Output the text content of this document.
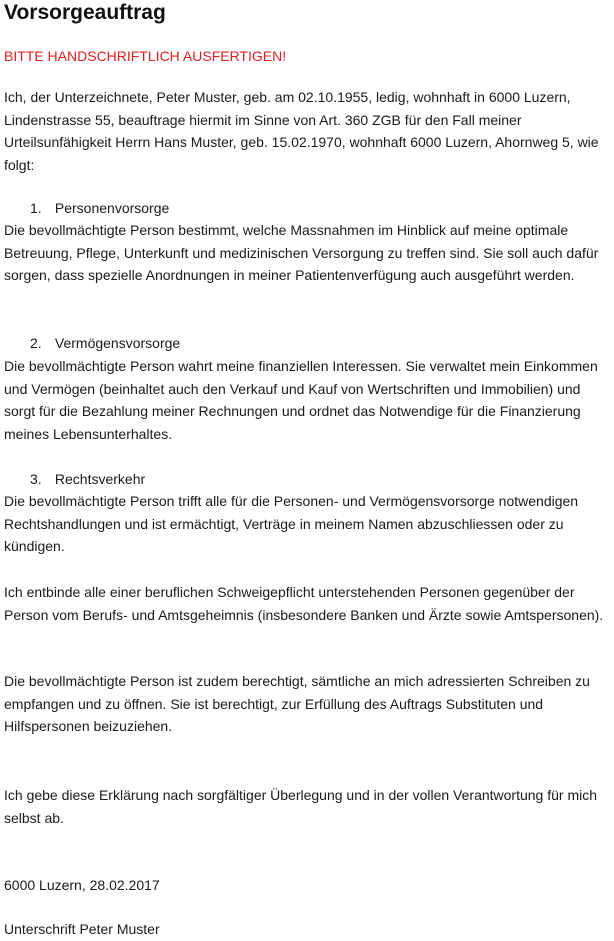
Vorsorgeauftrag
BITTE HANDSCHRIFTLICH AUSFERTIGEN!

Ich, der Unterzeichnete, Peter Muster, geb. am 02.10.1955, ledig, wohnhaft in 6000 Luzern, Lindenstrasse 55, beauftrage hiermit im Sinne von Art. 360 ZGB für den Fall meiner Urteilsunfähigkeit Herrn Hans Muster, geb. 15.02.1970, wohnhaft 6000 Luzern, Ahornweg 5, wie folgt:

1. Personenvorsorge

Die bevollmächtigte Person bestimmt, welche Massnahmen im Hinblick auf meine optimale Betreuung, Pflege, Unterkunft und medizinischen Versorgung zu treffen sind. Sie soll auch dafür sorgen, dass spezielle Anordnungen in meiner Patientenverfügung auch ausgeführt werden.

2. Vermögensvorsorge

Die bevollmächtigte Person wahrt meine finanziellen Interessen. Sie verwaltet mein Einkommen und Vermögen (beinhaltet auch den Verkauf und Kauf von Wertschriften und Immobilien) und sorgt für die Bezahlung meiner Rechnungen und ordnet das Notwendige für die Finanzierung meines Lebensunterhaltes.

3. Rechtsverkehr

Die bevollmächtigte Person trifft alle für die Personen- und Vermögensvorsorge notwendigen Rechtshandlungen und ist ermächtigt, Verträge in meinem Namen abzuschliessen oder zu kündigen.

Ich entbinde alle einer beruflichen Schweigepflicht unterstehenden Personen gegenüber der Person vom Berufs- und Amtsgeheimnis (insbesondere Banken und Ärzte sowie Amtspersonen).

Die bevollmächtigte Person ist zudem berechtigt, sämtliche an mich adressierten Schreiben zu empfangen und zu öffnen. Sie ist berechtigt, zur Erfüllung des Auftrags Substituten und Hilfspersonen beizuziehen.

Ich gebe diese Erklärung nach sorgfältiger Überlegung und in der vollen Verantwortung für mich selbst ab.

6000 Luzern, 28.02.2017

Unterschrift Peter Muster
